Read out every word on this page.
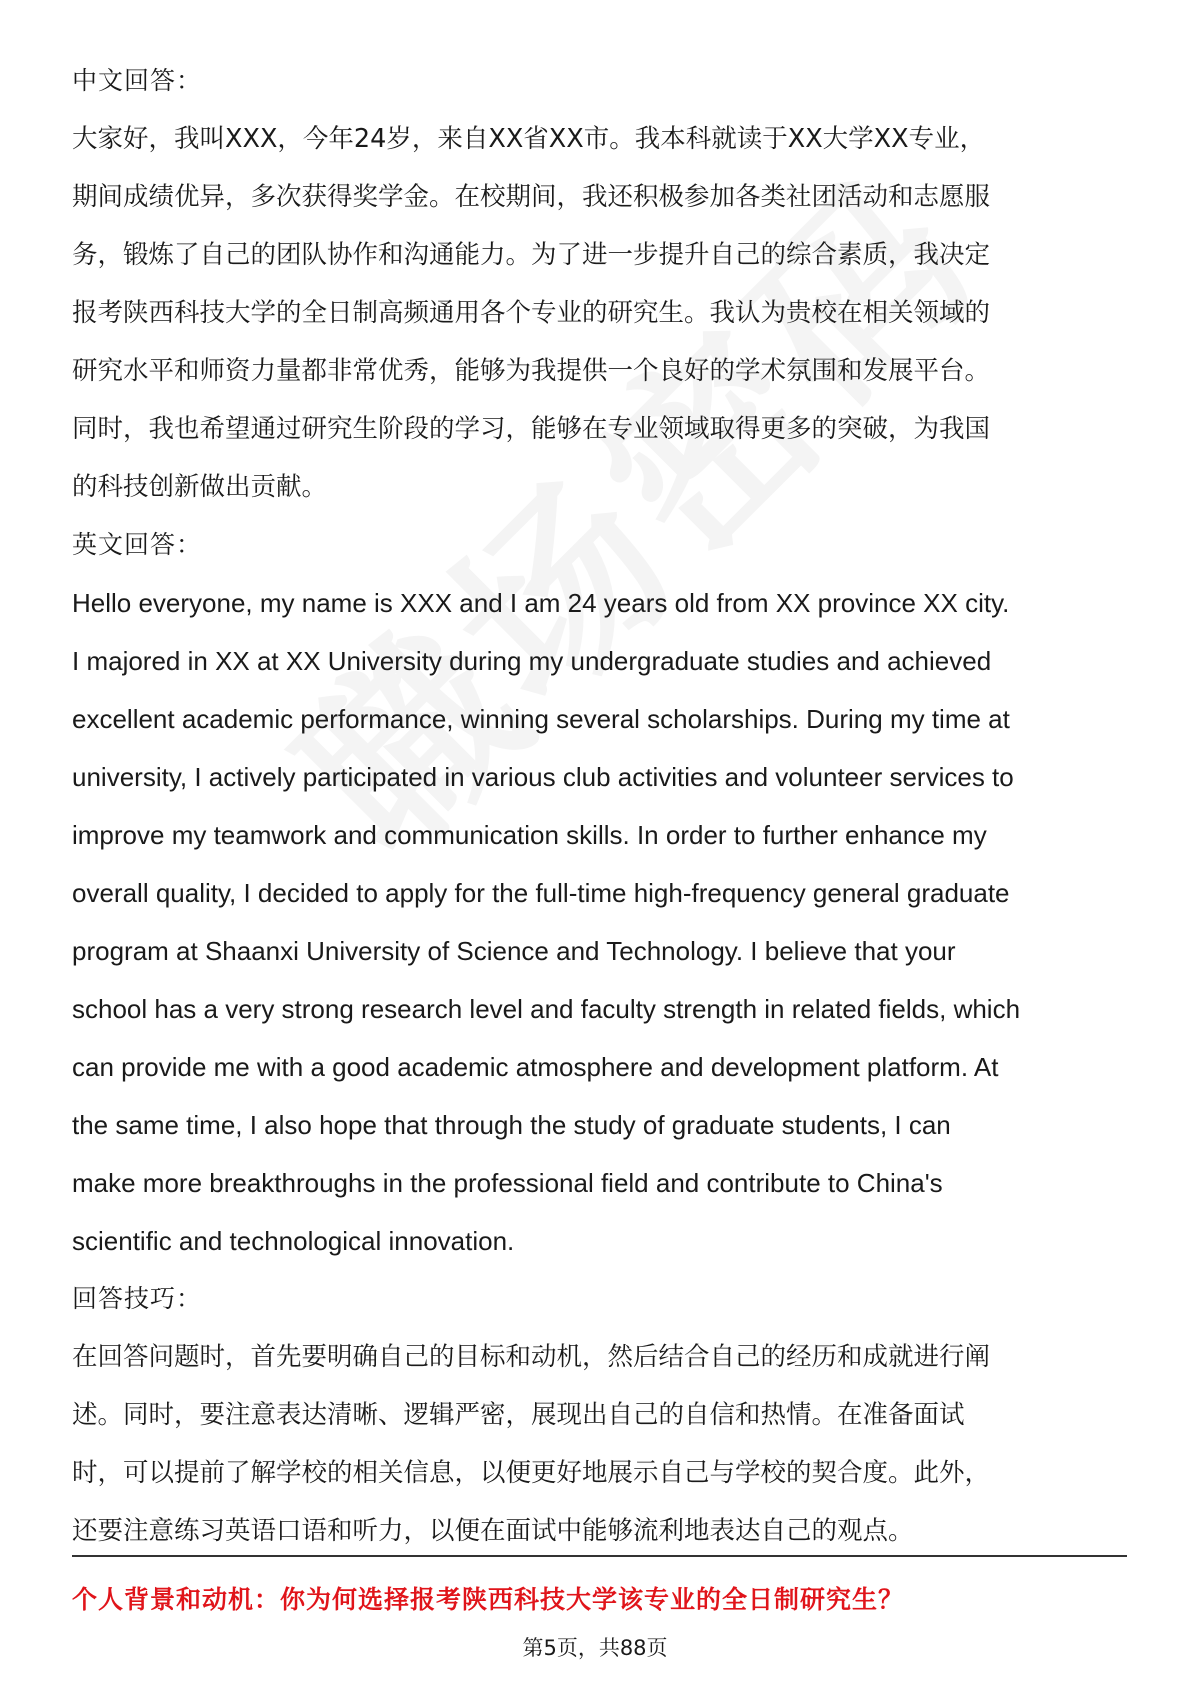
中文回答：

大家好，我叫XXX，今年24岁，来自XX省XX市。我本科就读于XX大学XX专业，
期间成绩优异，多次获得奖学金。在校期间，我还积极参加各类社团活动和志愿服
务，锻炼了自己的团队协作和沟通能力。为了进一步提升自己的综合素质，我决定
报考陕西科技大学的全日制高频通用各个专业的研究生。我认为贵校在相关领域的
研究水平和师资力量都非常优秀，能够为我提供一个良好的学术氛围和发展平台。
同时，我也希望通过研究生阶段的学习，能够在专业领域取得更多的突破，为我国
的科技创新做出贡献。

英文回答：

Hello everyone, my name is XXX and I am 24 years old from XX province XX city.
I majored in XX at XX University during my undergraduate studies and achieved
excellent academic performance, winning several scholarships. During my time at
university, I actively participated in various club activities and volunteer services to
improve my teamwork and communication skills. In order to further enhance my
overall quality, I decided to apply for the full-time high-frequency general graduate
program at Shaanxi University of Science and Technology. I believe that your
school has a very strong research level and faculty strength in related fields, which
can provide me with a good academic atmosphere and development platform. At
the same time, I also hope that through the study of graduate students, I can
make more breakthroughs in the professional field and contribute to China's
scientific and technological innovation.

回答技巧：

在回答问题时，首先要明确自己的目标和动机，然后结合自己的经历和成就进行阐
述。同时，要注意表达清晰、逻辑严密，展现出自己的自信和热情。在准备面试
时，可以提前了解学校的相关信息，以便更好地展示自己与学校的契合度。此外，
还要注意练习英语口语和听力，以便在面试中能够流利地表达自己的观点。

个人背景和动机：你为何选择报考陕西科技大学该专业的全日制研究生？
第5页，共88页
